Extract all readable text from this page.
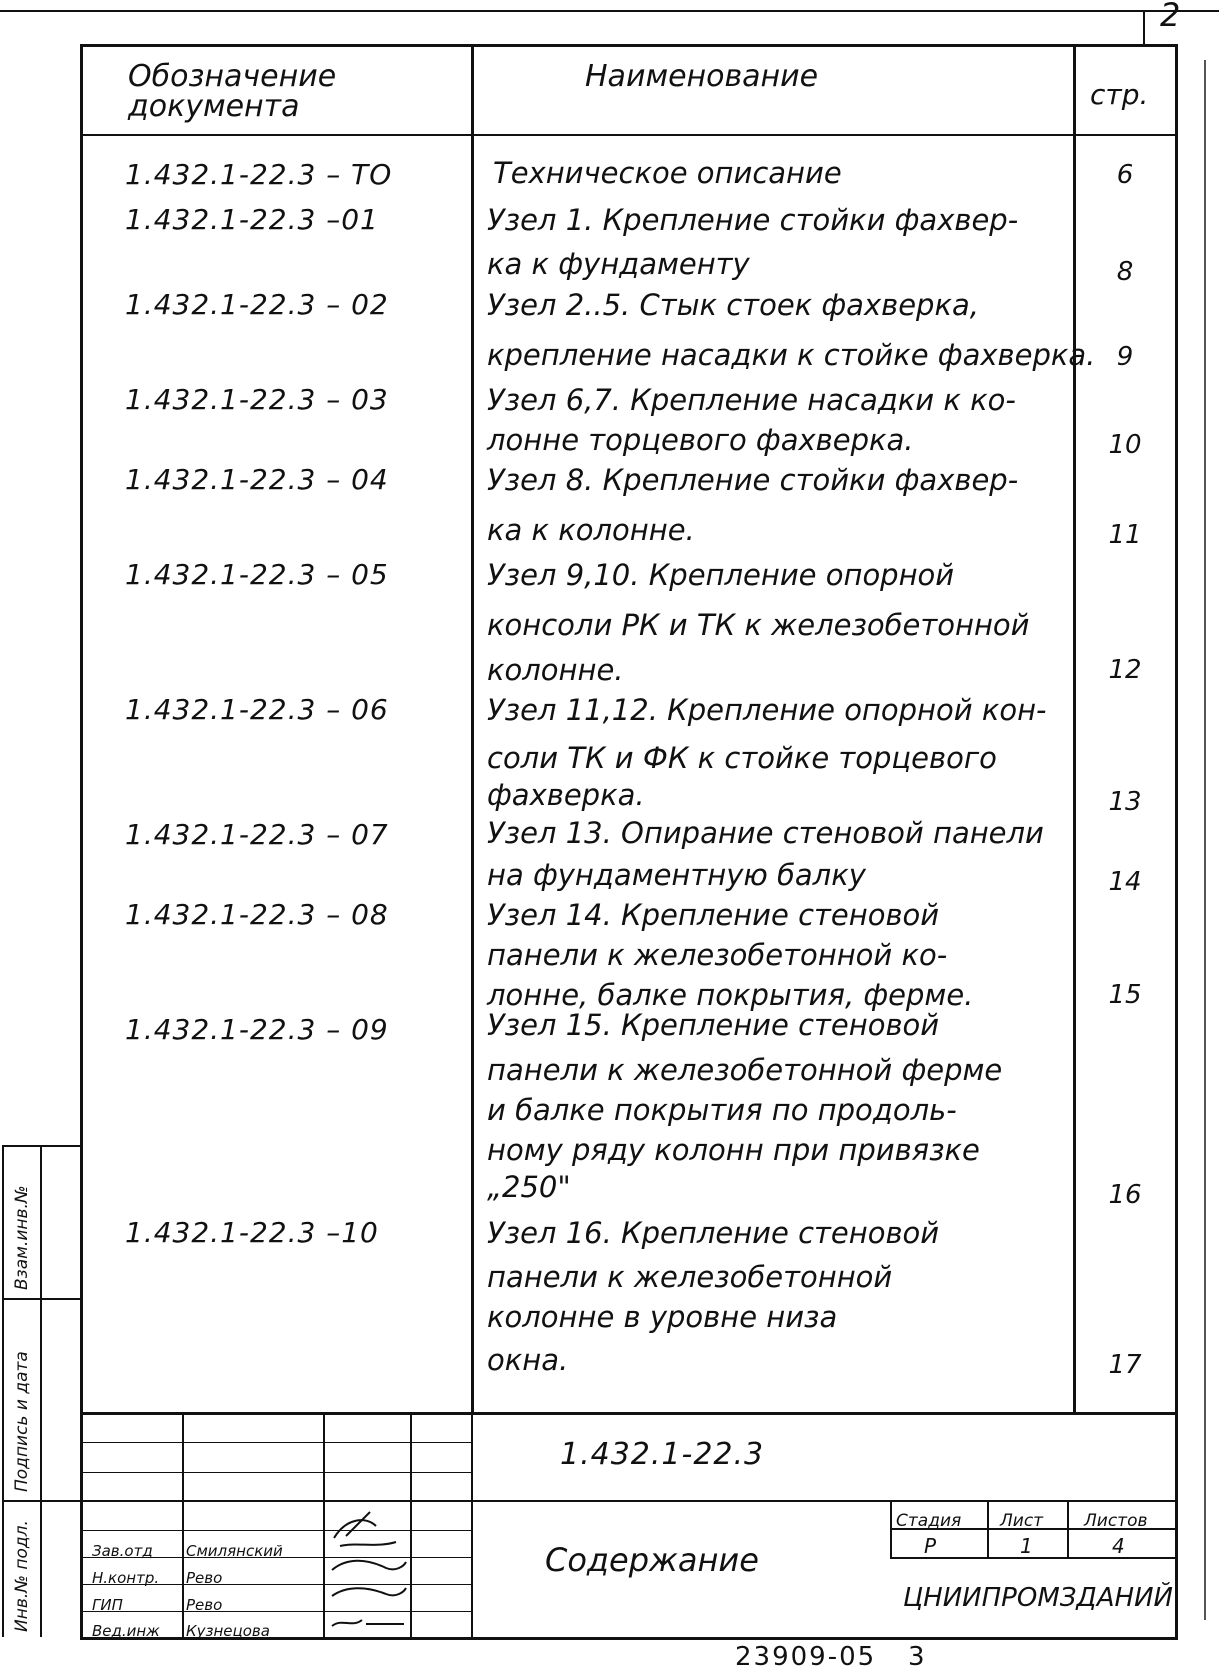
2
Обозначение документа
Наименование
стр.
1.432.1-22.3 – ТО	Техническое описание	6
1.432.1-22.3 –01	Узел 1. Крепление стойки фахвер-
ка к фундаменту	8
1.432.1-22.3 – 02	Узел 2..5. Стык стоек фахверка,
крепление насадки к стойке фахверка. 9
1.432.1-22.3 – 03	Узел 6,7. Крепление насадки к ко-
лонне торцевого фахверка.	10
1.432.1-22.3 – 04	Узел 8. Крепление стойки фахвер-
ка к колонне.	11
1.432.1-22.3 – 05	Узел 9,10. Крепление опорной
консоли РК и ТК к железобетонной
колонне.	12
1.432.1-22.3 – 06	Узел 11,12. Крепление опорной кон-
соли ТК и ФК к стойке торцевого
фахверка.	13
1.432.1-22.3 – 07	Узел 13. Опирание стеновой панели
на фундаментную балку	14
1.432.1-22.3 – 08	Узел 14. Крепление стеновой
панели к железобетонной ко-
лонне, балке покрытия, ферме.	15
1.432.1-22.3 – 09	Узел 15. Крепление стеновой
панели к железобетонной ферме
и балке покрытия по продоль-
ному ряду колонн при привязке
„250"	16
1.432.1-22.3 –10	Узел 16. Крепление стеновой
панели к железобетонной
колонне в уровне низа
окна.	17
1.432.1-22.3
Зав.отд Смилянский
Н.контр. Рево
ГИП	Рево
Вед.инж Кузнецова
Содержание
Стадия Лист Листов
Р	1	4
ЦНИИПРОМЗДАНИЙ
23909-05 3
Взам.инв.№
Подпись и дата
Инв.№ подл.
